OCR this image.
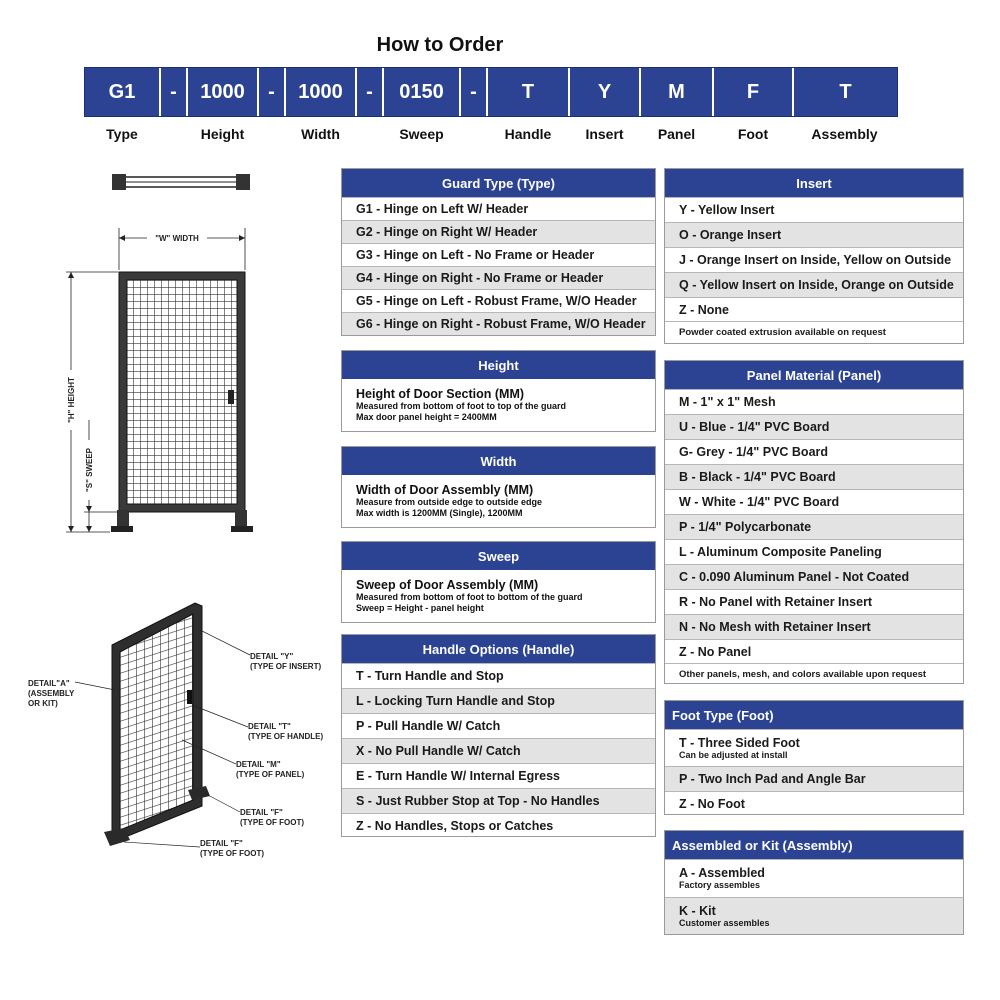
How to Order
G1	-	1000	-	1000	-	0150	-	T	Y	M	F	T
Type	Height	Width	Sweep	Handle	Insert	Panel	Foot	Assembly
Guard Type (Type)
G1 - Hinge on Left W/ Header
G2 - Hinge on Right W/ Header
G3 - Hinge on Left - No Frame or Header
G4 - Hinge on Right - No Frame or Header
G5 - Hinge on Left - Robust Frame, W/O Header
G6 - Hinge on Right - Robust Frame, W/O Header
Height
Height of Door Section (MM)
Measured from bottom of foot to top of the guard
Max door panel height = 2400MM
Width
Width of Door Assembly (MM)
Measure from outside edge to outside edge
Max width is 1200MM (Single), 1200MM
Sweep
Sweep of Door Assembly (MM)
Measured from bottom of foot to bottom of the guard
Sweep = Height - panel height
Handle Options (Handle)
T - Turn Handle and Stop
L - Locking Turn Handle and Stop
P - Pull Handle W/ Catch
X - No Pull Handle W/ Catch
E - Turn Handle W/ Internal Egress
S - Just Rubber Stop at Top - No Handles
Z - No Handles, Stops or Catches
Insert
Y - Yellow Insert
O - Orange Insert
J - Orange Insert on Inside, Yellow on Outside
Q - Yellow Insert on Inside, Orange on Outside
Z - None
Powder coated extrusion available on request
Panel Material (Panel)
M - 1" x 1" Mesh
U - Blue - 1/4" PVC Board
G- Grey - 1/4" PVC Board
B - Black - 1/4" PVC Board
W - White - 1/4" PVC Board
P - 1/4" Polycarbonate
L - Aluminum Composite Paneling
C - 0.090 Aluminum Panel - Not Coated
R - No Panel with Retainer Insert
N - No Mesh with Retainer Insert
Z - No Panel
Other panels, mesh, and colors available upon request
Foot Type (Foot)
T - Three Sided Foot
Can be adjusted at install
P - Two Inch Pad and Angle Bar
Z - No Foot
Assembled or Kit (Assembly)
A - Assembled
Factory assembles
K - Kit
Customer assembles
"W" WIDTH
"H" HEIGHT
"S" SWEEP
DETAIL "Y"
(TYPE OF INSERT)
DETAIL"A"
(ASSEMBLY
OR KIT)
DETAIL "T"
(TYPE OF HANDLE)
DETAIL "M"
(TYPE OF PANEL)
DETAIL "F"
(TYPE OF FOOT)
DETAIL "F"
(TYPE OF FOOT)
